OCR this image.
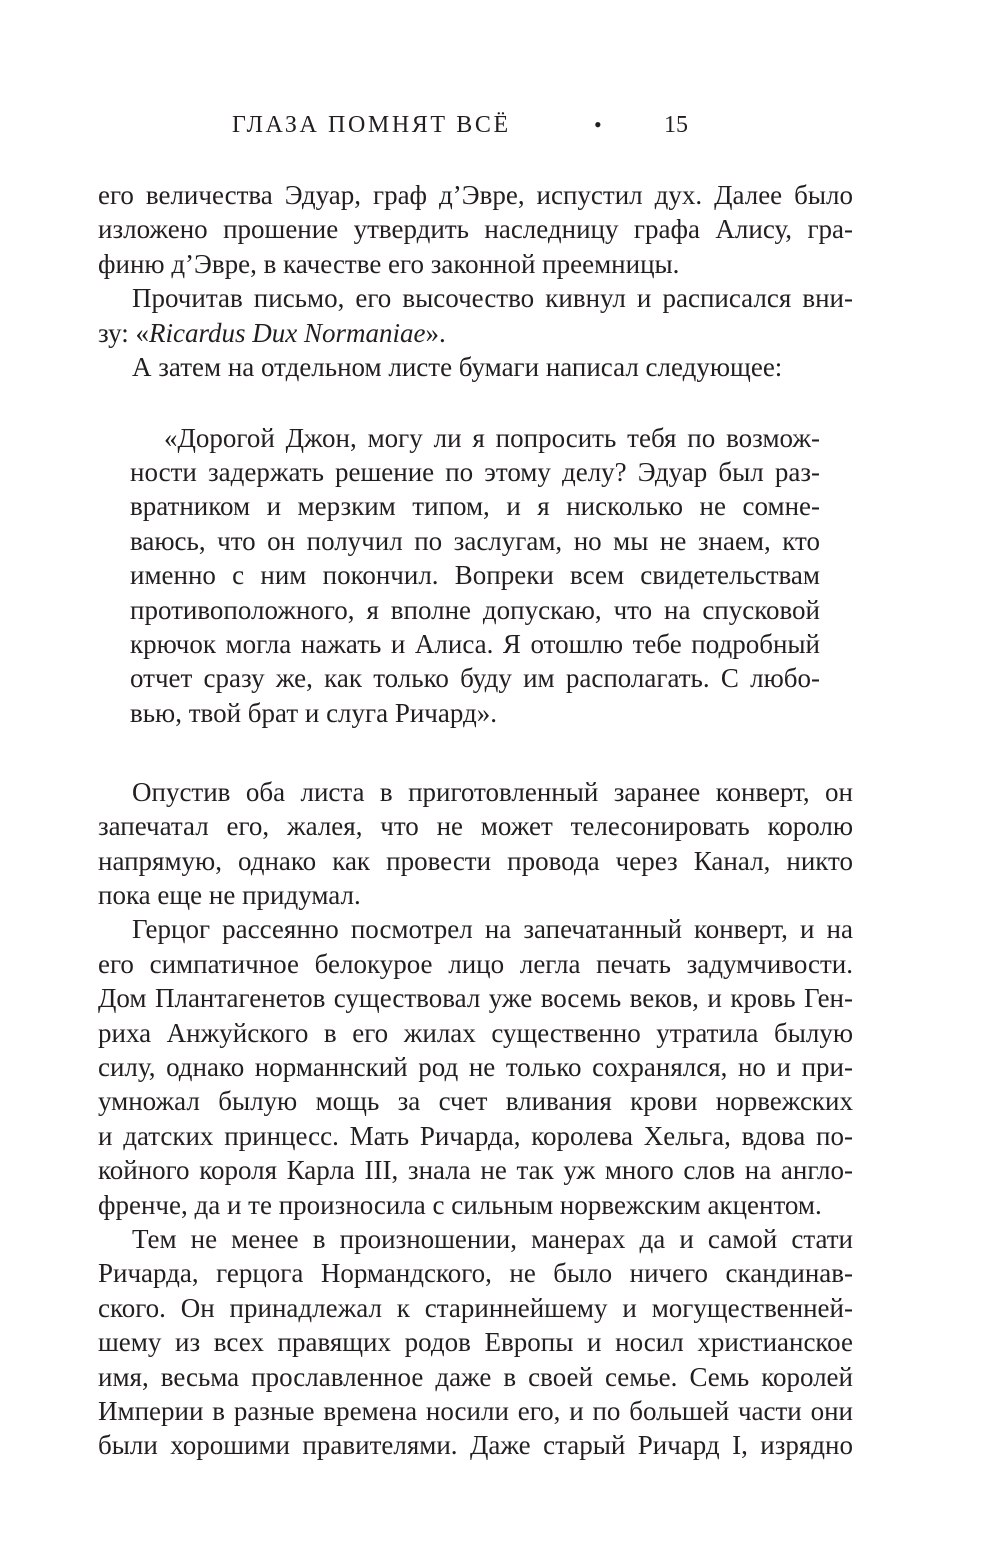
ГЛАЗА ПОМНЯТ ВСЁ	•	15
его величества Эдуар, граф д’Эвре, испустил дух. Далее было
изложено прошение утвердить наследницу графа Алису, гра-
финю д’Эвре, в качестве его законной преемницы.
Прочитав письмо, его высочество кивнул и расписался вни-
зу: «Ricardus Dux Normaniae».
А затем на отдельном листе бумаги написал следующее:
«Дорогой Джон, могу ли я попросить тебя по возмож-
ности задержать решение по этому делу? Эдуар был раз-
вратником и мерзким типом, и я нисколько не сомне-
ваюсь, что он получил по заслугам, но мы не знаем, кто
именно с ним покончил. Вопреки всем свидетельствам
противоположного, я вполне допускаю, что на спусковой
крючок могла нажать и Алиса. Я отошлю тебе подробный
отчет сразу же, как только буду им располагать. С любо-
вью, твой брат и слуга Ричард».
Опустив оба листа в приготовленный заранее конверт, он
запечатал его, жалея, что не может телесонировать королю
напрямую, однако как провести провода через Канал, никто
пока еще не придумал.
Герцог рассеянно посмотрел на запечатанный конверт, и на
его симпатичное белокурое лицо легла печать задумчивости.
Дом Плантагенетов существовал уже восемь веков, и кровь Ген-
риха Анжуйского в его жилах существенно утратила былую
силу, однако норманнский род не только сохранялся, но и при-
умножал былую мощь за счет вливания крови норвежских
и датских принцесс. Мать Ричарда, королева Хельга, вдова по-
койного короля Карла III, знала не так уж много слов на англо-
френче, да и те произносила с сильным норвежским акцентом.
Тем не менее в произношении, манерах да и самой стати
Ричарда, герцога Нормандского, не было ничего скандинав-
ского. Он принадлежал к стариннейшему и могущественней-
шему из всех правящих родов Европы и носил христианское
имя, весьма прославленное даже в своей семье. Семь королей
Империи в разные времена носили его, и по большей части они
были хорошими правителями. Даже старый Ричард I, изрядно
